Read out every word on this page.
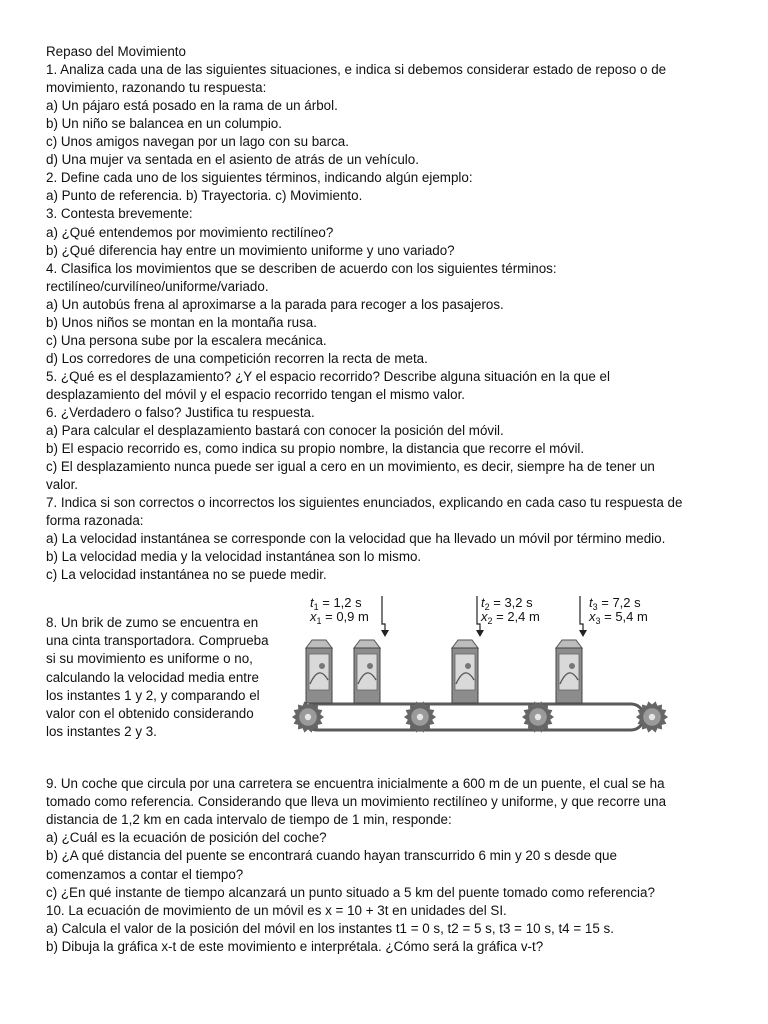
Repaso del Movimiento
1. Analiza cada una de las siguientes situaciones, e indica si debemos considerar estado de reposo o de
movimiento, razonando tu respuesta:
a) Un pájaro está posado en la rama de un árbol.
b) Un niño se balancea en un columpio.
c) Unos amigos navegan por un lago con su barca.
d) Una mujer va sentada en el asiento de atrás de un vehículo.
2. Define cada uno de los siguientes términos, indicando algún ejemplo:
a) Punto de referencia. b) Trayectoria. c) Movimiento.
3. Contesta brevemente:
a) ¿Qué entendemos por movimiento rectilíneo?
b) ¿Qué diferencia hay entre un movimiento uniforme y uno variado?
4. Clasifica los movimientos que se describen de acuerdo con los siguientes términos:
rectilíneo/curvilíneo/uniforme/variado.
a) Un autobús frena al aproximarse a la parada para recoger a los pasajeros.
b) Unos niños se montan en la montaña rusa.
c) Una persona sube por la escalera mecánica.
d) Los corredores de una competición recorren la recta de meta.
5. ¿Qué es el desplazamiento? ¿Y el espacio recorrido? Describe alguna situación en la que el
desplazamiento del móvil y el espacio recorrido tengan el mismo valor.
6. ¿Verdadero o falso? Justifica tu respuesta.
a) Para calcular el desplazamiento bastará con conocer la posición del móvil.
b) El espacio recorrido es, como indica su propio nombre, la distancia que recorre el móvil.
c) El desplazamiento nunca puede ser igual a cero en un movimiento, es decir, siempre ha de tener un
valor.
7. Indica si son correctos o incorrectos los siguientes enunciados, explicando en cada caso tu respuesta de
forma razonada:
a) La velocidad instantánea se corresponde con la velocidad que ha llevado un móvil por término medio.
b) La velocidad media y la velocidad instantánea son lo mismo.
c) La velocidad instantánea no se puede medir.
8. Un brik de zumo se encuentra en
una cinta transportadora. Comprueba
si su movimiento es uniforme o no,
calculando la velocidad media entre
los instantes 1 y 2, y comparando el
valor con el obtenido considerando
los instantes 2 y 3.
$t_1 = 1,2$ s
$x_1 = 0,9$ m
$t_2 = 3,2$ s
$x_2 = 2,4$ m
$t_3 = 7,2$ s
$x_3 = 5,4$ m
9. Un coche que circula por una carretera se encuentra inicialmente a 600 m de un puente, el cual se ha
tomado como referencia. Considerando que lleva un movimiento rectilíneo y uniforme, y que recorre una
distancia de 1,2 km en cada intervalo de tiempo de 1 min, responde:
a) ¿Cuál es la ecuación de posición del coche?
b) ¿A qué distancia del puente se encontrará cuando hayan transcurrido 6 min y 20 s desde que
comenzamos a contar el tiempo?
c) ¿En qué instante de tiempo alcanzará un punto situado a 5 km del puente tomado como referencia?
10. La ecuación de movimiento de un móvil es x = 10 + 3t en unidades del SI.
a) Calcula el valor de la posición del móvil en los instantes t1 = 0 s, t2 = 5 s, t3 = 10 s, t4 = 15 s.
b) Dibuja la gráfica x-t de este movimiento e interprétala. ¿Cómo será la gráfica v-t?
